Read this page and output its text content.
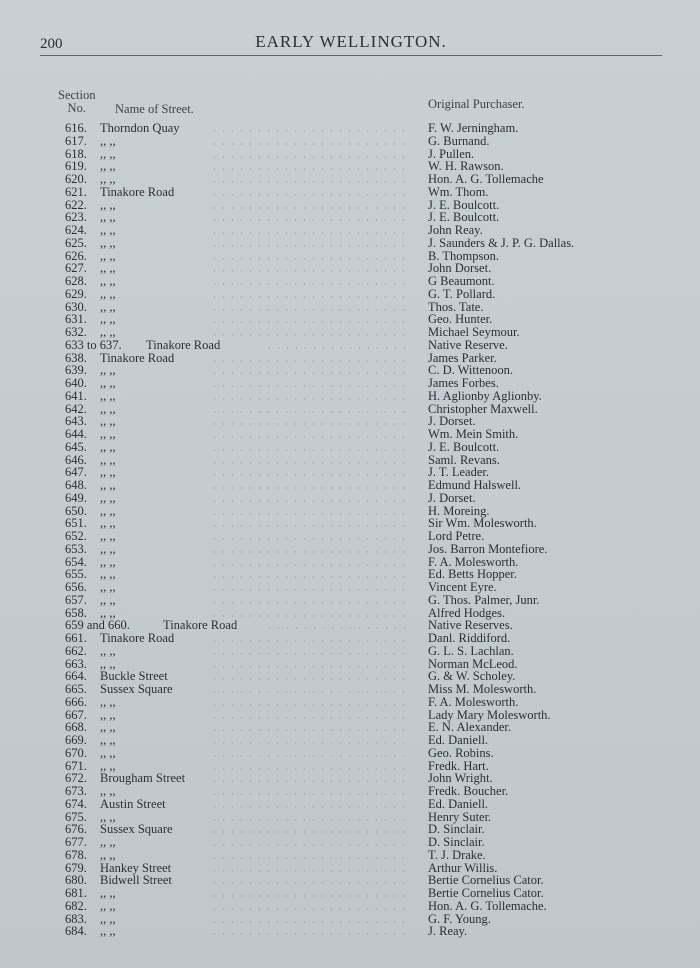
200	EARLY WELLINGTON.
Section
No.	Name of Street.	Original Purchaser.
616. Thorndon Quay	F. W. Jerningham.
617. ,, ,,	G. Burnand.
618. ,, ,,	J. Pullen.
619. ,, ,,	W. H. Rawson.
620. ,, ,,	Hon. A. G. Tollemache
621. Tinakore Road	Wm. Thom.
622. ,, ,,	J. E. Boulcott.
623. ,, ,,	J. E. Boulcott.
624. ,, ,,	John Reay.
625. ,, ,,	J. Saunders & J. P. G. Dallas.
626. ,, ,,	B. Thompson.
627. ,, ,,	John Dorset.
628. ,, ,,	G Beaumont.
629. ,, ,,	G. T. Pollard.
630. ,, ,,	Thos. Tate.
631. ,, ,,	Geo. Hunter.
632. ,, ,,	Michael Seymour.
633 to 637. Tinakore Road	Native Reserve.
638. Tinakore Road	James Parker.
639. ,, ,,	C. D. Wittenoon.
640. ,, ,,	James Forbes.
641. ,, ,,	H. Aglionby Aglionby.
642. ,, ,,	Christopher Maxwell.
643. ,, ,,	J. Dorset.
644. ,, ,,	Wm. Mein Smith.
645. ,, ,,	J. E. Boulcott.
646. ,, ,,	Saml. Revans.
647. ,, ,,	J. T. Leader.
648. ,, ,,	Edmund Halswell.
649. ,, ,,	J. Dorset.
650. ,, ,,	H. Moreing.
651. ,, ,,	Sir Wm. Molesworth.
652. ,, ,,	Lord Petre.
653. ,, ,,	Jos. Barron Montefiore.
654. ,, ,,	F. A. Molesworth.
655. ,, ,,	Ed. Betts Hopper.
656. ,, ,,	Vincent Eyre.
657. ,, ,,	G. Thos. Palmer, Junr.
658. ,, ,,	Alfred Hodges.
659 and 660.	Tinakore Road	Native Reserves.
661. Tinakore Road	Danl. Riddiford.
662. ,, ,,	G. L. S. Lachlan.
663. ,, ,,	Norman McLeod.
664. Buckle Street	G. & W. Scholey.
665. Sussex Square	Miss M. Molesworth.
666. ,, ,,	F. A. Molesworth.
667. ,, ,,	Lady Mary Molesworth.
668. ,, ,,	E. N. Alexander.
669. ,, ,,	Ed. Daniell.
670. ,, ,,	Geo. Robins.
671. ,, ,,	Fredk. Hart.
672. Brougham Street	John Wright.
673. ,, ,,	Fredk. Boucher.
674. Austin Street	Ed. Daniell.
675. ,, ,,	Henry Suter.
676. Sussex Square	D. Sinclair.
677. ,, ,,	D. Sinclair.
678. ,, ,,	T. J. Drake.
679. Hankey Street	Arthur Willis.
680. Bidwell Street	Bertie Cornelius Cator.
681. ,, ,,	Bertie Cornelius Cator.
682. ,, ,,	Hon. A. G. Tollemache.
683. ,, ,,	G. F. Young.
684. ,, ,,	J. Reay.
